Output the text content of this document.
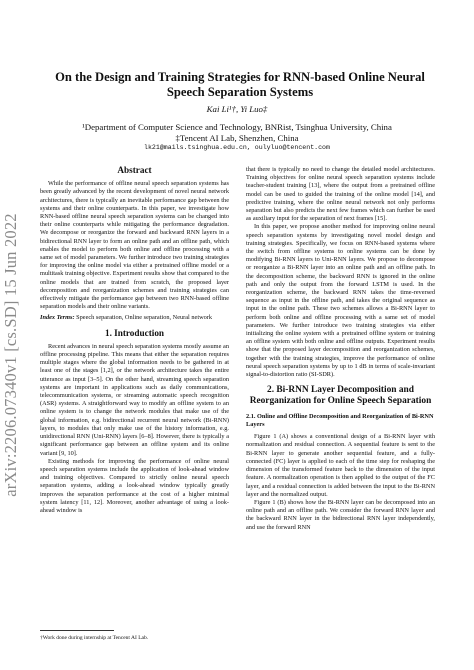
arXiv:2206.07340v1 [cs.SD] 15 Jun 2022
On the Design and Training Strategies for RNN-based Online Neural Speech Separation Systems
Kai Li¹†, Yi Luo‡
¹Department of Computer Science and Technology, BNRist, Tsinghua University, China
‡Tencent AI Lab, Shenzhen, China
lk21@mails.tsinghua.edu.cn, oulyluo@tencent.com
Abstract

While the performance of offline neural speech separation systems has been greatly advanced by the recent development of novel neural network architectures, there is typically an inevitable performance gap between the systems and their online counterparts. In this paper, we investigate how RNN-based offline neural speech separation systems can be changed into their online counterparts while mitigating the performance degradation. We decompose or reorganize the forward and backward RNN layers in a bidirectional RNN layer to form an online path and an offline path, which enables the model to perform both online and offline processing with a same set of model parameters. We further introduce two training strategies for improving the online model via either a pretrained offline model or a multitask training objective. Experiment results show that compared to the online models that are trained from scratch, the proposed layer decomposition and reorganization schemes and training strategies can effectively mitigate the performance gap between two RNN-based offline separation models and their online variants.

Index Terms: Speech separation, Online separation, Neural network

1. Introduction

Recent advances in neural speech separation systems mostly assume an offline processing pipeline. This means that either the separation requires multiple stages where the global information needs to be gathered in at least one of the stages [1,2], or the network architecture takes the entire utterance as input [3–5]. On the other hand, streaming speech separation systems are important in applications such as daily communications, telecommunication systems, or streaming automatic speech recognition (ASR) systems. A straightforward way to modify an offline system to an online system is to change the network modules that make use of the global information, e.g. bidirectional recurrent neural network (Bi-RNN) layers, to modules that only make use of the history information, e.g. unidirectional RNN (Uni-RNN) layers [6–8]. However, there is typically a significant performance gap between an offline system and its online variant [9, 10].

Existing methods for improving the performance of online neural speech separation systems include the application of look-ahead window and training objectives. Compared to strictly online neural speech separation systems, adding a look-ahead window typically greatly improves the separation performance at the cost of a higher minimal system latency [11, 12]. Moreover, another advantage of using a look-ahead window is

that there is typically no need to change the detailed model architectures. Training objectives for online neural speech separation systems include teacher-student training [13], where the output from a pretrained offline model can be used to guided the training of the online model [14], and predictive training, where the online neural network not only performs separation but also predicts the next few frames which can further be used as auxiliary input for the separation of next frames [15].

In this paper, we propose another method for improving online neural speech separation systems by investigating novel model design and training strategies. Specifically, we focus on RNN-based systems where the switch from offline systems to online systems can be done by modifying Bi-RNN layers to Uni-RNN layers. We propose to decompose or reorganize a Bi-RNN layer into an online path and an offline path. In the decomposition scheme, the backward RNN is ignored in the online path and only the output from the forward LSTM is used. In the reorganization scheme, the backward RNN takes the time-reversed sequence as input in the offline path, and takes the original sequence as input in the online path. These two schemes allows a Bi-RNN layer to perform both online and offline processing with a same set of model parameters. We further introduce two training strategies via either initializing the online system with a pretrained offline system or training an offline system with both online and offline outputs. Experiment results show that the proposed layer decomposition and reorganization schemes, together with the training strategies, improve the performance of online neural speech separation systems by up to 1 dB in terms of scale-invariant signal-to-distortion ratio (SI-SDR).

2. Bi-RNN Layer Decomposition and Reorganization for Online Speech Separation
2.1. Online and Offline Decomposition and Reorganization of Bi-RNN Layers

Figure 1 (A) shows a conventional design of a Bi-RNN layer with normalization and residual connection. A sequential feature is sent to the Bi-RNN layer to generate another sequential feature, and a fully-connected (FC) layer is applied to each of the time step for reshaping the dimension of the transformed feature back to the dimension of the input feature. A normalization operation is then applied to the output of the FC layer, and a residual connection is added between the input to the Bi-RNN layer and the normalized output.

Figure 1 (B) shows how the Bi-RNN layer can be decomposed into an online path and an offline path. We consider the forward RNN layer and the backward RNN layer in the bidirectional RNN layer independently, and use the forward RNN

†Work done during internship at Tencent AI Lab.
